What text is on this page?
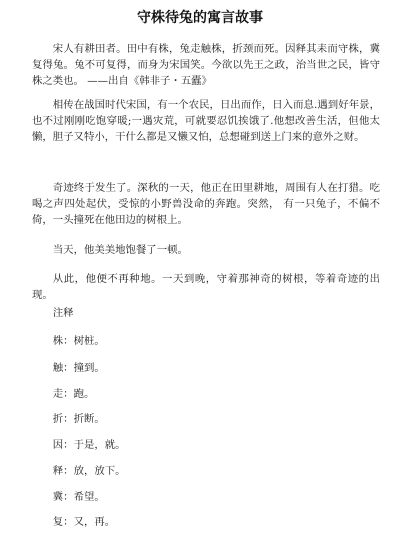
守株待兔的寓言故事

宋人有耕田者。田中有株，兔走触株，折颈而死。因释其耒而守株，冀复得兔。兔不可复得，而身为宋国笑。今欲以先王之政，治当世之民，皆守株之类也。 ——出自《韩非子・五蠹》

相传在战国时代宋国，有一个农民，日出而作，日入而息.遇到好年景，也不过刚刚吃饱穿暖;一遇灾荒，可就要忍饥挨饿了.他想改善生活，但他太懒，胆子又特小，干什么都是又懒又怕，总想碰到送上门来的意外之财。

奇迹终于发生了。深秋的一天，他正在田里耕地，周围有人在打猎。吃喝之声四处起伏，受惊的小野兽没命的奔跑。突然， 有一只兔子，不偏不倚，一头撞死在他田边的树根上。

当天，他美美地饱餐了一顿。

从此，他便不再种地。一天到晚，守着那神奇的树根，等着奇迹的出现。

注释

株：树桩。

触：撞到。

走：跑。

折：折断。

因：于是，就。

释：放，放下。

冀：希望。

复：又，再。
